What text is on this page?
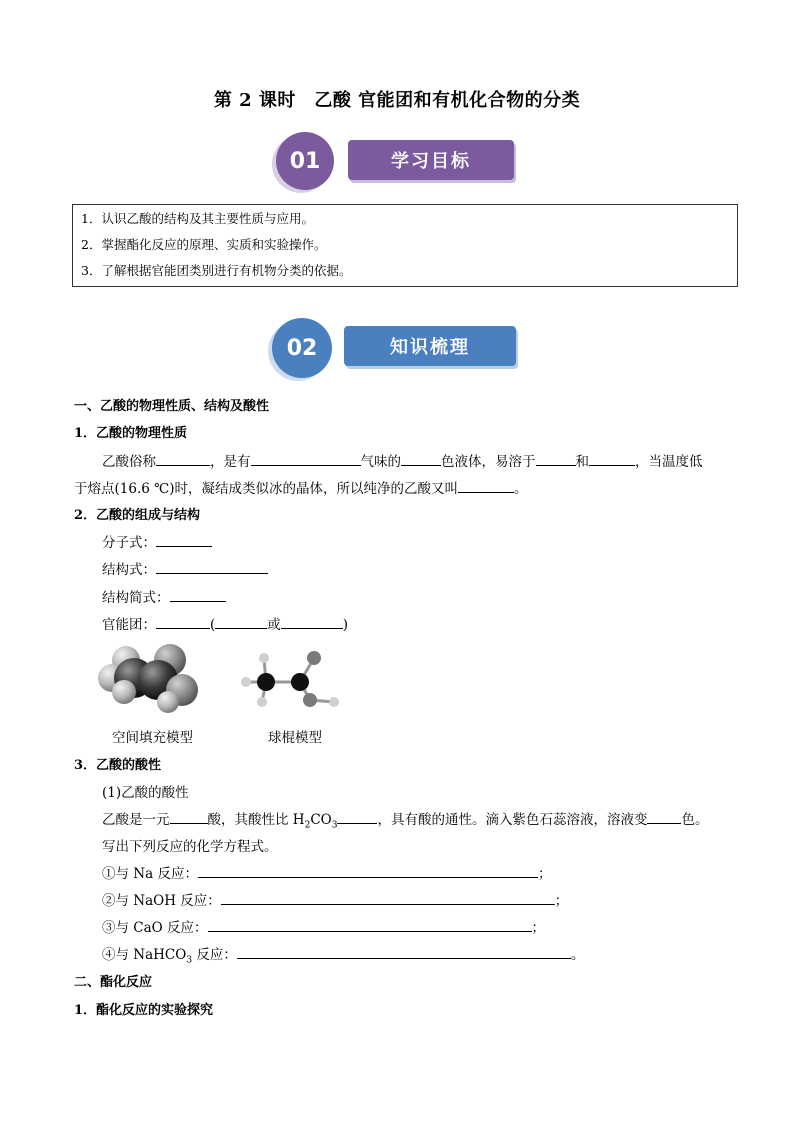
第 2 课时　乙酸 官能团和有机化合物的分类
学习目标
01
1．认识乙酸的结构及其主要性质与应用。
2．掌握酯化反应的原理、实质和实验操作。
3．了解根据官能团类别进行有机物分类的依据。
知识梳理
02
一、乙酸的物理性质、结构及酸性
1．乙酸的物理性质
乙酸俗称	，是有	气味的	色液体，易溶于	和	，当温度低
于熔点(16.6 ℃)时，凝结成类似冰的晶体，所以纯净的乙酸又叫	。
2．乙酸的组成与结构
分子式：
结构式：
结构简式：
官能团：	(	或	)
空间填充模型	球棍模型
3．乙酸的酸性
(1)乙酸的酸性
乙酸是一元	酸，其酸性比 $H_2CO_3$	，具有酸的通性。滴入紫色石蕊溶液，溶液变	色。
写出下列反应的化学方程式。
①与 Na 反应：	；
②与 NaOH 反应：	；
③与 CaO 反应：	；
④与 NaHCO$_3$ 反应：	。
二、酯化反应
1．酯化反应的实验探究
